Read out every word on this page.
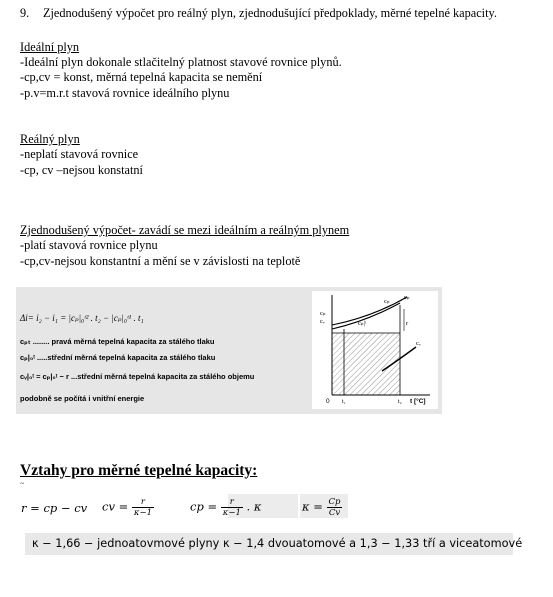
9. Zjednodušený výpočet pro reálný plyn, zjednodušující předpoklady, měrné tepelné kapacity.
Ideální plyn
-Ideální plyn dokonale stlačitelný platnost stavové rovnice plynů.
-cp,cv = konst, měrná tepelná kapacita se nemění
-p.v=m.r.t stavová rovnice ideálního plynu
Reálný plyn
-neplatí stavová rovnice
-cp, cv –nejsou konstatní
Zjednodušený výpočet- zavádí se mezi ideálním a reálným plynem
-platí stavová rovnice plynu
-cp,cv-nejsou konstantní a mění se v závislosti na teplotě
Δi= i₂ − i₁ = |cₚ|₀ᵗ² . t₂ − |cₚ|₀ᵗ¹ . t₁
cₚₜ ........ pravá měrná tepelná kapacita za stálého tlaku
cₚ|₀ᵗ .....střední měrná tepelná kapacita za stálého tlaku
cᵥ|₀ᵗ = cₚ|₀ᵗ − r ...střední měrná tepelná kapacita za stálého objemu
podobně se počítá i vnitřní energie
cₚ
cᵥ
cₚ
cₚ
cₚ|ᵗ	r
cᵥ
0 t₁	t₂ t [°C]
Vztahy pro měrné tepelné kapacity:
~
r = cp − cv cv = $\frac{r}{\kappa-1}$	cp = $\frac{r}{\kappa-1}$ . κ	$\kappa = \frac{Cp}{Cv}$
κ − 1,66 − jednoatovmové plyny κ − 1,4 dvouatomové a 1,3 − 1,33 tří a viceatomové
